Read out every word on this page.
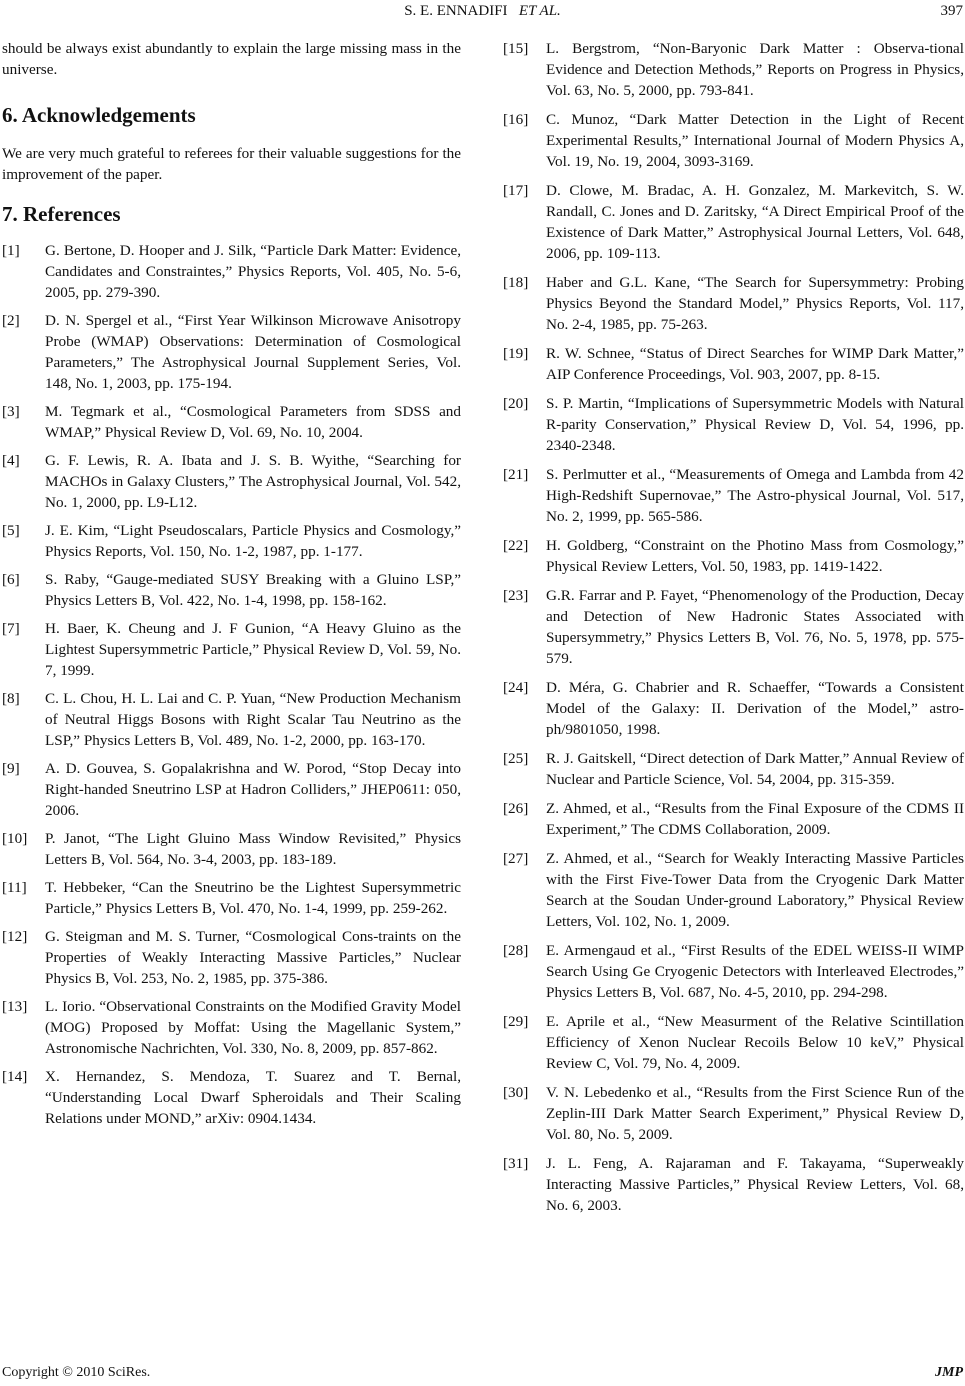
S. E. ENNADIFI ET AL.	397

should be always exist abundantly to explain the large missing mass in the universe.

6. Acknowledgements

We are very much grateful to referees for their valuable suggestions for the improvement of the paper.

7. References
[1] G. Bertone, D. Hooper and J. Silk, “Particle Dark Matter: Evidence, Candidates and Constraintes,” Physics Reports, Vol. 405, No. 5-6, 2005, pp. 279-390.
[2] D. N. Spergel et al., “First Year Wilkinson Microwave Anisotropy Probe (WMAP) Observations: Determination of Cosmological Parameters,” The Astrophysical Journal Supplement Series, Vol. 148, No. 1, 2003, pp. 175-194.
[3] M. Tegmark et al., “Cosmological Parameters from SDSS and WMAP,” Physical Review D, Vol. 69, No. 10, 2004.
[4] G. F. Lewis, R. A. Ibata and J. S. B. Wyithe, “Searching for MACHOs in Galaxy Clusters,” The Astrophysical Journal, Vol. 542, No. 1, 2000, pp. L9-L12.
[5] J. E. Kim, “Light Pseudoscalars, Particle Physics and Cosmology,” Physics Reports, Vol. 150, No. 1-2, 1987, pp. 1-177.
[6] S. Raby, “Gauge-mediated SUSY Breaking with a Gluino LSP,” Physics Letters B, Vol. 422, No. 1-4, 1998, pp. 158-162.
[7] H. Baer, K. Cheung and J. F Gunion, “A Heavy Gluino as the Lightest Supersymmetric Particle,” Physical Review D, Vol. 59, No. 7, 1999.
[8] C. L. Chou, H. L. Lai and C. P. Yuan, “New Production Mechanism of Neutral Higgs Bosons with Right Scalar Tau Neutrino as the LSP,” Physics Letters B, Vol. 489, No. 1-2, 2000, pp. 163-170.
[9] A. D. Gouvea, S. Gopalakrishna and W. Porod, “Stop Decay into Right-handed Sneutrino LSP at Hadron Colliders,” JHEP0611: 050, 2006.
[10] P. Janot, “The Light Gluino Mass Window Revisited,” Physics Letters B, Vol. 564, No. 3-4, 2003, pp. 183-189.
[11] T. Hebbeker, “Can the Sneutrino be the Lightest Supersymmetric Particle,” Physics Letters B, Vol. 470, No. 1-4, 1999, pp. 259-262.
[12] G. Steigman and M. S. Turner, “Cosmological Cons-traints on the Properties of Weakly Interacting Massive Particles,” Nuclear Physics B, Vol. 253, No. 2, 1985, pp. 375-386.
[13] L. Iorio. “Observational Constraints on the Modified Gravity Model (MOG) Proposed by Moffat: Using the Magellanic System,” Astronomische Nachrichten, Vol. 330, No. 8, 2009, pp. 857-862.
[14] X. Hernandez, S. Mendoza, T. Suarez and T. Bernal, “Understanding Local Dwarf Spheroidals and Their Scaling Relations under MOND,” arXiv: 0904.1434.
[15] L. Bergstrom, “Non-Baryonic Dark Matter : Observa-tional Evidence and Detection Methods,” Reports on Progress in Physics, Vol. 63, No. 5, 2000, pp. 793-841.
[16] C. Munoz, “Dark Matter Detection in the Light of Recent Experimental Results,” International Journal of Modern Physics A, Vol. 19, No. 19, 2004, 3093-3169.
[17] D. Clowe, M. Bradac, A. H. Gonzalez, M. Markevitch, S. W. Randall, C. Jones and D. Zaritsky, “A Direct Empirical Proof of the Existence of Dark Matter,” Astrophysical Journal Letters, Vol. 648, 2006, pp. 109-113.
[18] Haber and G.L. Kane, “The Search for Supersymmetry: Probing Physics Beyond the Standard Model,” Physics Reports, Vol. 117, No. 2-4, 1985, pp. 75-263.
[19] R. W. Schnee, “Status of Direct Searches for WIMP Dark Matter,” AIP Conference Proceedings, Vol. 903, 2007, pp. 8-15.
[20] S. P. Martin, “Implications of Supersymmetric Models with Natural R-parity Conservation,” Physical Review D, Vol. 54, 1996, pp. 2340-2348.
[21] S. Perlmutter et al., “Measurements of Omega and Lambda from 42 High-Redshift Supernovae,” The Astro-physical Journal, Vol. 517, No. 2, 1999, pp. 565-586.
[22] H. Goldberg, “Constraint on the Photino Mass from Cosmology,” Physical Review Letters, Vol. 50, 1983, pp. 1419-1422.
[23] G.R. Farrar and P. Fayet, “Phenomenology of the Production, Decay and Detection of New Hadronic States Associated with Supersymmetry,” Physics Letters B, Vol. 76, No. 5, 1978, pp. 575-579.
[24] D. Méra, G. Chabrier and R. Schaeffer, “Towards a Consistent Model of the Galaxy: II. Derivation of the Model,” astro-ph/9801050, 1998.
[25] R. J. Gaitskell, “Direct detection of Dark Matter,” Annual Review of Nuclear and Particle Science, Vol. 54, 2004, pp. 315-359.
[26] Z. Ahmed, et al., “Results from the Final Exposure of the CDMS II Experiment,” The CDMS Collaboration, 2009.
[27] Z. Ahmed, et al., “Search for Weakly Interacting Massive Particles with the First Five-Tower Data from the Cryogenic Dark Matter Search at the Soudan Under-ground Laboratory,” Physical Review Letters, Vol. 102, No. 1, 2009.
[28] E. Armengaud et al., “First Results of the EDEL WEISS-II WIMP Search Using Ge Cryogenic Detectors with Interleaved Electrodes,” Physics Letters B, Vol. 687, No. 4-5, 2010, pp. 294-298.
[29] E. Aprile et al., “New Measurment of the Relative Scintillation Efficiency of Xenon Nuclear Recoils Below 10 keV,” Physical Review C, Vol. 79, No. 4, 2009.
[30] V. N. Lebedenko et al., “Results from the First Science Run of the Zeplin-III Dark Matter Search Experiment,” Physical Review D, Vol. 80, No. 5, 2009.
[31] J. L. Feng, A. Rajaraman and F. Takayama, “Superweakly Interacting Massive Particles,” Physical Review Letters, Vol. 68, No. 6, 2003.
Copyright © 2010 SciRes.	JMP
